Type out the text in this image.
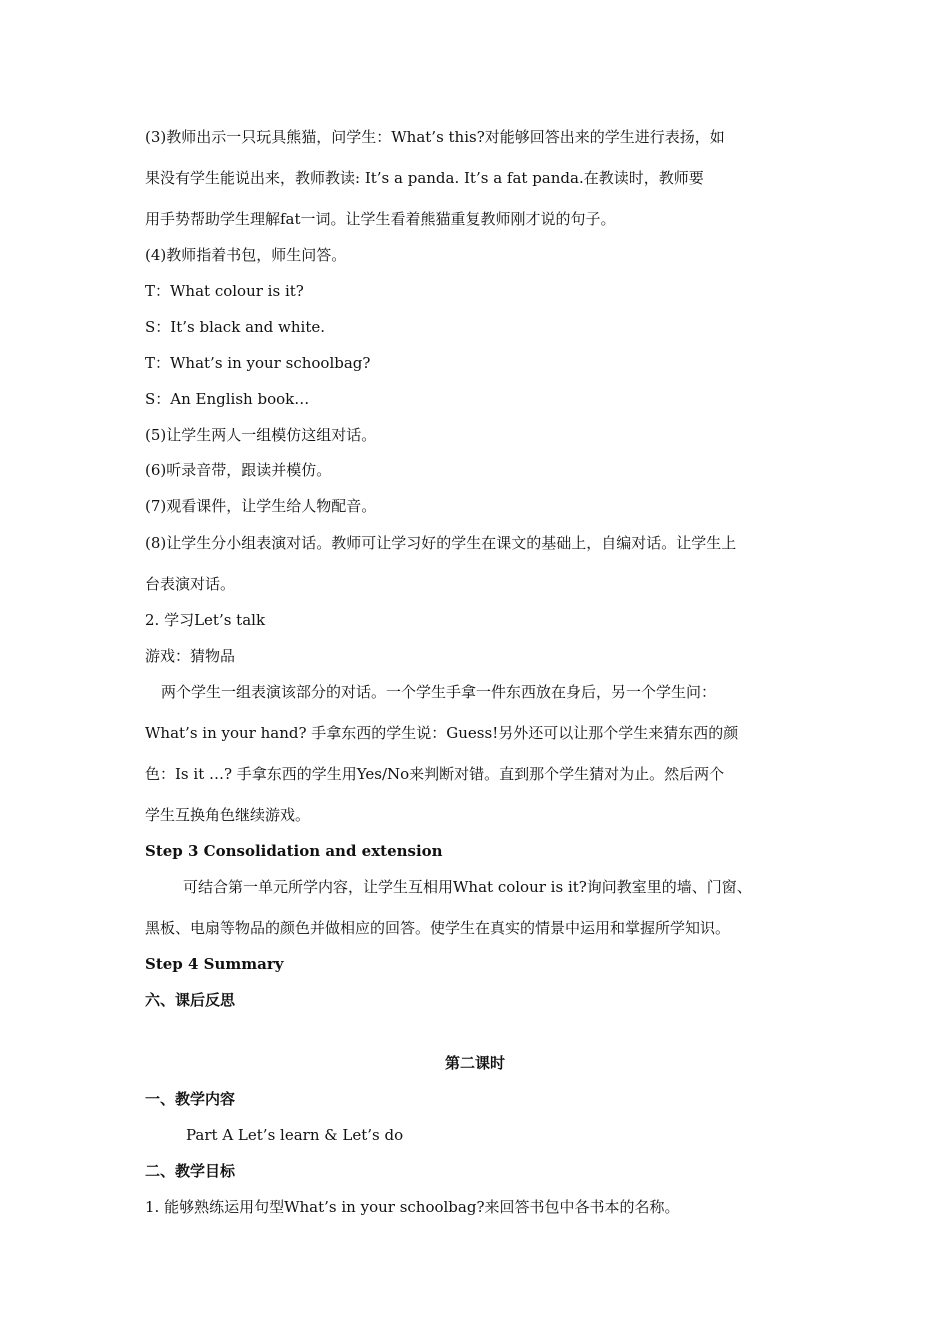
(3)教师出示一只玩具熊猫，问学生：What’s this?对能够回答出来的学生进行表扬，如
果没有学生能说出来，教师教读: It’s a panda. It’s a fat panda.在教读时，教师要
用手势帮助学生理解fat一词。让学生看着熊猫重复教师刚才说的句子。
(4)教师指着书包，师生问答。
T：What colour is it?
S：It’s black and white.
T：What’s in your schoolbag?
S：An English book…
(5)让学生两人一组模仿这组对话。
(6)听录音带，跟读并模仿。
(7)观看课件，让学生给人物配音。
(8)让学生分小组表演对话。教师可让学习好的学生在课文的基础上，自编对话。让学生上
台表演对话。
2. 学习Let’s talk
游戏：猜物品
两个学生一组表演该部分的对话。一个学生手拿一件东西放在身后，另一个学生问：
What’s in your hand? 手拿东西的学生说：Guess!另外还可以让那个学生来猜东西的颜
色：Is it …? 手拿东西的学生用Yes/No来判断对错。直到那个学生猜对为止。然后两个
学生互换角色继续游戏。
Step 3 Consolidation and extension
可结合第一单元所学内容，让学生互相用What colour is it?询问教室里的墙、门窗、
黑板、电扇等物品的颜色并做相应的回答。使学生在真实的情景中运用和掌握所学知识。
Step 4 Summary
六、课后反思
第二课时
一、教学内容
Part A Let’s learn & Let’s do
二、教学目标
1. 能够熟练运用句型What’s in your schoolbag?来回答书包中各书本的名称。
